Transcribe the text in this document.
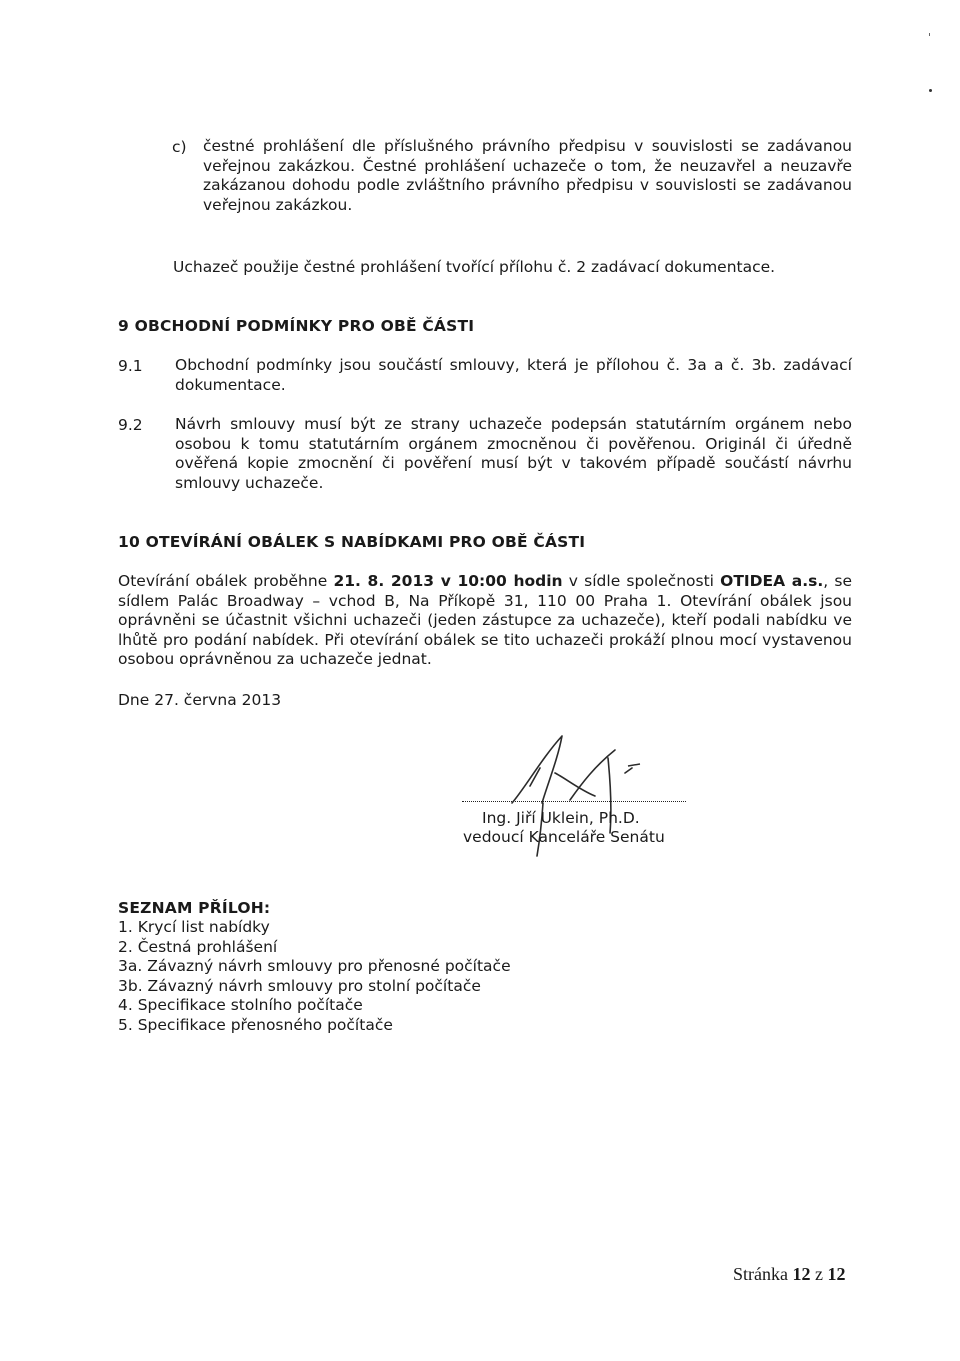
c) čestné prohlášení dle příslušného právního předpisu v souvislosti se zadávanou veřejnou zakázkou. Čestné prohlášení uchazeče o tom, že neuzavřel a neuzavře zakázanou dohodu podle zvláštního právního předpisu v souvislosti se zadávanou veřejnou zakázkou.
Uchazeč použije čestné prohlášení tvořící přílohu č. 2 zadávací dokumentace.
9 OBCHODNÍ PODMÍNKY PRO OBĚ ČÁSTI
9.1 Obchodní podmínky jsou součástí smlouvy, která je přílohou č. 3a a č. 3b. zadávací dokumentace.
9.2 Návrh smlouvy musí být ze strany uchazeče podepsán statutárním orgánem nebo osobou k tomu statutárním orgánem zmocněnou či pověřenou. Originál či úředně ověřená kopie zmocnění či pověření musí být v takovém případě součástí návrhu smlouvy uchazeče.
10 OTEVÍRÁNÍ OBÁLEK S NABÍDKAMI PRO OBĚ ČÁSTI
Otevírání obálek proběhne 21. 8. 2013 v 10:00 hodin v sídle společnosti OTIDEA a.s., se sídlem Palác Broadway – vchod B, Na Příkopě 31, 110 00 Praha 1. Otevírání obálek jsou oprávněni se účastnit všichni uchazeči (jeden zástupce za uchazeče), kteří podali nabídku ve lhůtě pro podání nabídek. Při otevírání obálek se tito uchazeči prokáží plnou mocí vystavenou osobou oprávněnou za uchazeče jednat.
Dne 27. června 2013
Ing. Jiří Uklein, Ph.D.
vedoucí Kanceláře Senátu
SEZNAM PŘÍLOH:
1. Krycí list nabídky
2. Čestná prohlášení
3a. Závazný návrh smlouvy pro přenosné počítače
3b. Závazný návrh smlouvy pro stolní počítače
4. Specifikace stolního počítače
5. Specifikace přenosného počítače
Stránka 12 z 12
